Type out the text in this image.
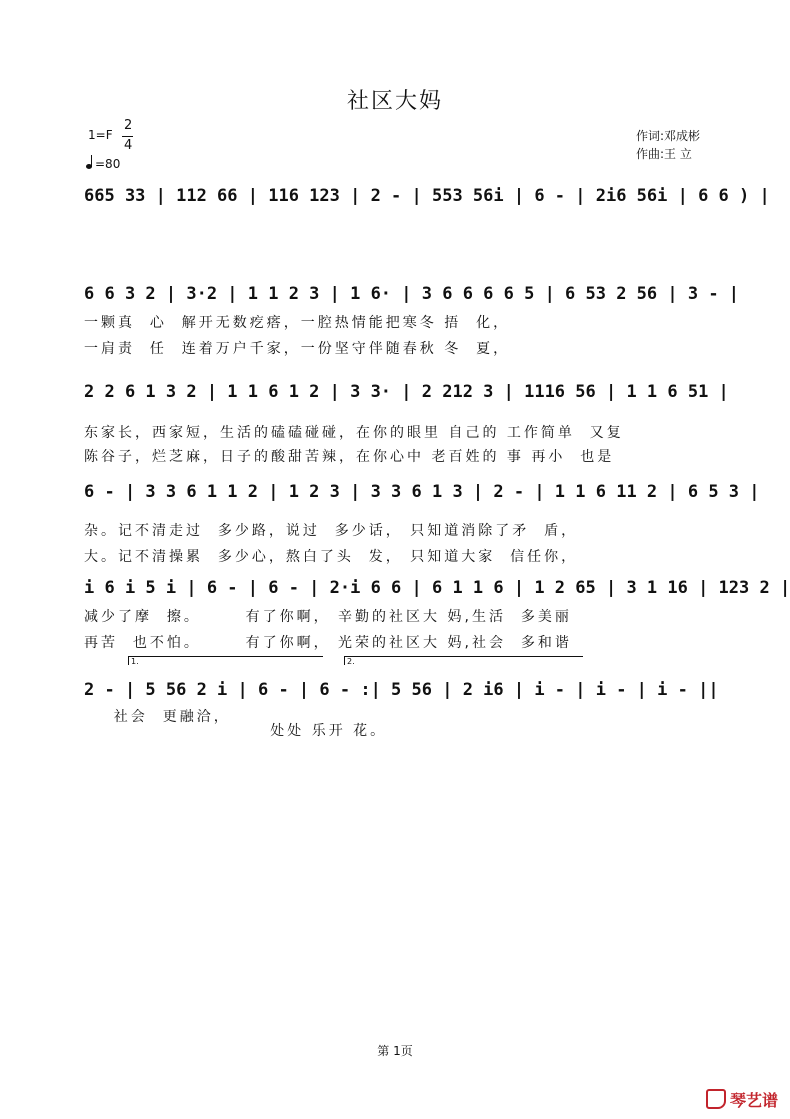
社区大妈
1=F
2
4
=80
作词:邓成彬
作曲:王 立
665 33 | 112 66 | 116 123 | 2 - | 553 56i | 6 - | 2i6 56i | 6 6 ) |
6 6 3 2 | 3·2 | 1 1 2 3 | 1 6· | 3 6 6 6 6 5 | 6 53 2 56 | 3 - |
一颗真  心  解开无数疙瘩，一腔热情能把寒冬 捂  化，
一肩责  任  连着万户千家，一份坚守伴随春秋 冬  夏，
2 2 6 1 3 2 | 1 1 6 1 2 | 3 3· | 2 212 3 | 1116 56 | 1 1 6 51 |
东家长，西家短，生活的磕磕碰碰，在你的眼里 自己的 工作简单  又复
陈谷子，烂芝麻，日子的酸甜苦辣，在你心中 老百姓的 事 再小  也是
6 - | 3 3 6 1 1 2 | 1 2 3 | 3 3 6 1 3 | 2 - | 1 1 6 11 2 | 6 5 3 |
杂。记不清走过  多少路，说过  多少话， 只知道消除了矛  盾，
大。记不清操累  多少心，熬白了头  发， 只知道大家  信任你，
i 6 i 5 i | 6 - | 6 - | 2·i 6 6 | 6 1 1 6 | 1 2 65 | 3 1 16 | 123 2 |
减少了摩  擦。      有了你啊， 辛勤的社区大 妈,生活  多美丽
再苦  也不怕。      有了你啊， 光荣的社区大 妈,社会  多和谐
1.	2.
2 - | 5 56 2 i | 6 - | 6 - :| 5 56 | 2 i6 | i - | i - | i - ||
社会  更融洽，
处处 乐开 花。
第 1页
琴艺谱
